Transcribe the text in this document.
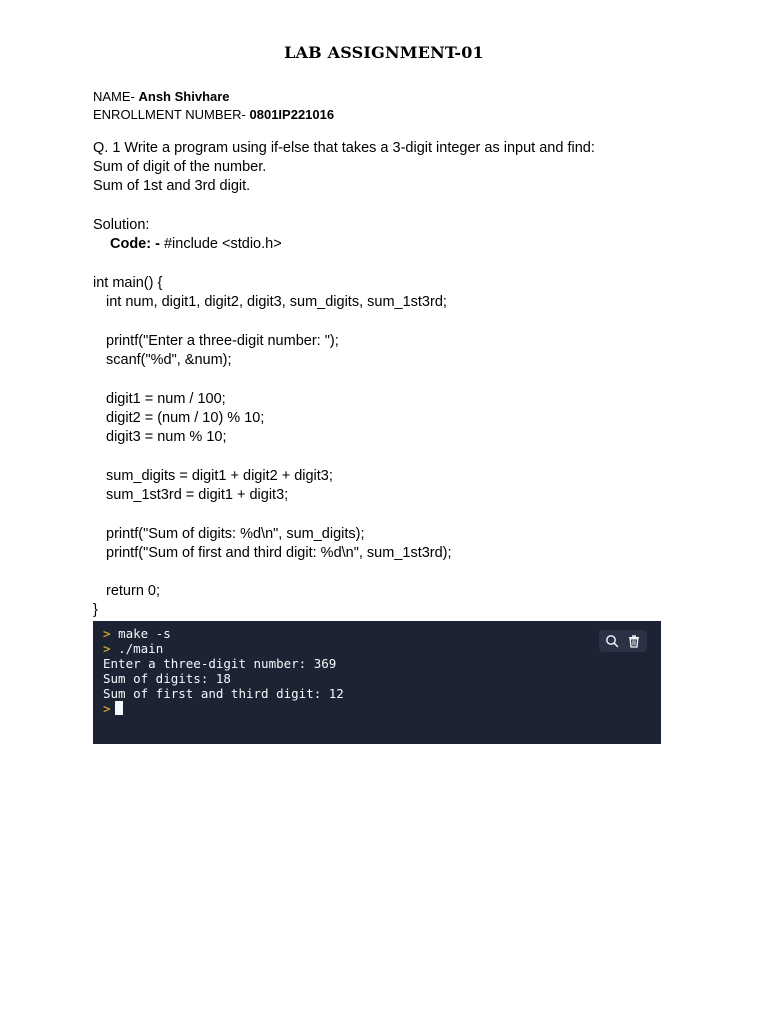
LAB ASSIGNMENT-01
NAME- Ansh Shivhare
ENROLLMENT NUMBER- 0801IP221016
Q. 1 Write a program using if-else that takes a 3-digit integer as input and find:
Sum of digit of the number.
Sum of 1st and 3rd digit.
Solution:
Code: - #include <stdio.h>
int main() {
int num, digit1, digit2, digit3, sum_digits, sum_1st3rd;
printf("Enter a three-digit number: ");
scanf("%d", &num);
digit1 = num / 100;
digit2 = (num / 10) % 10;
digit3 = num % 10;
sum_digits = digit1 + digit2 + digit3;
sum_1st3rd = digit1 + digit3;
printf("Sum of digits: %d\n", sum_digits);
printf("Sum of first and third digit: %d\n", sum_1st3rd);
return 0;
}
> make -s
> ./main
Enter a three-digit number: 369
Sum of digits: 18
Sum of first and third digit: 12
>
